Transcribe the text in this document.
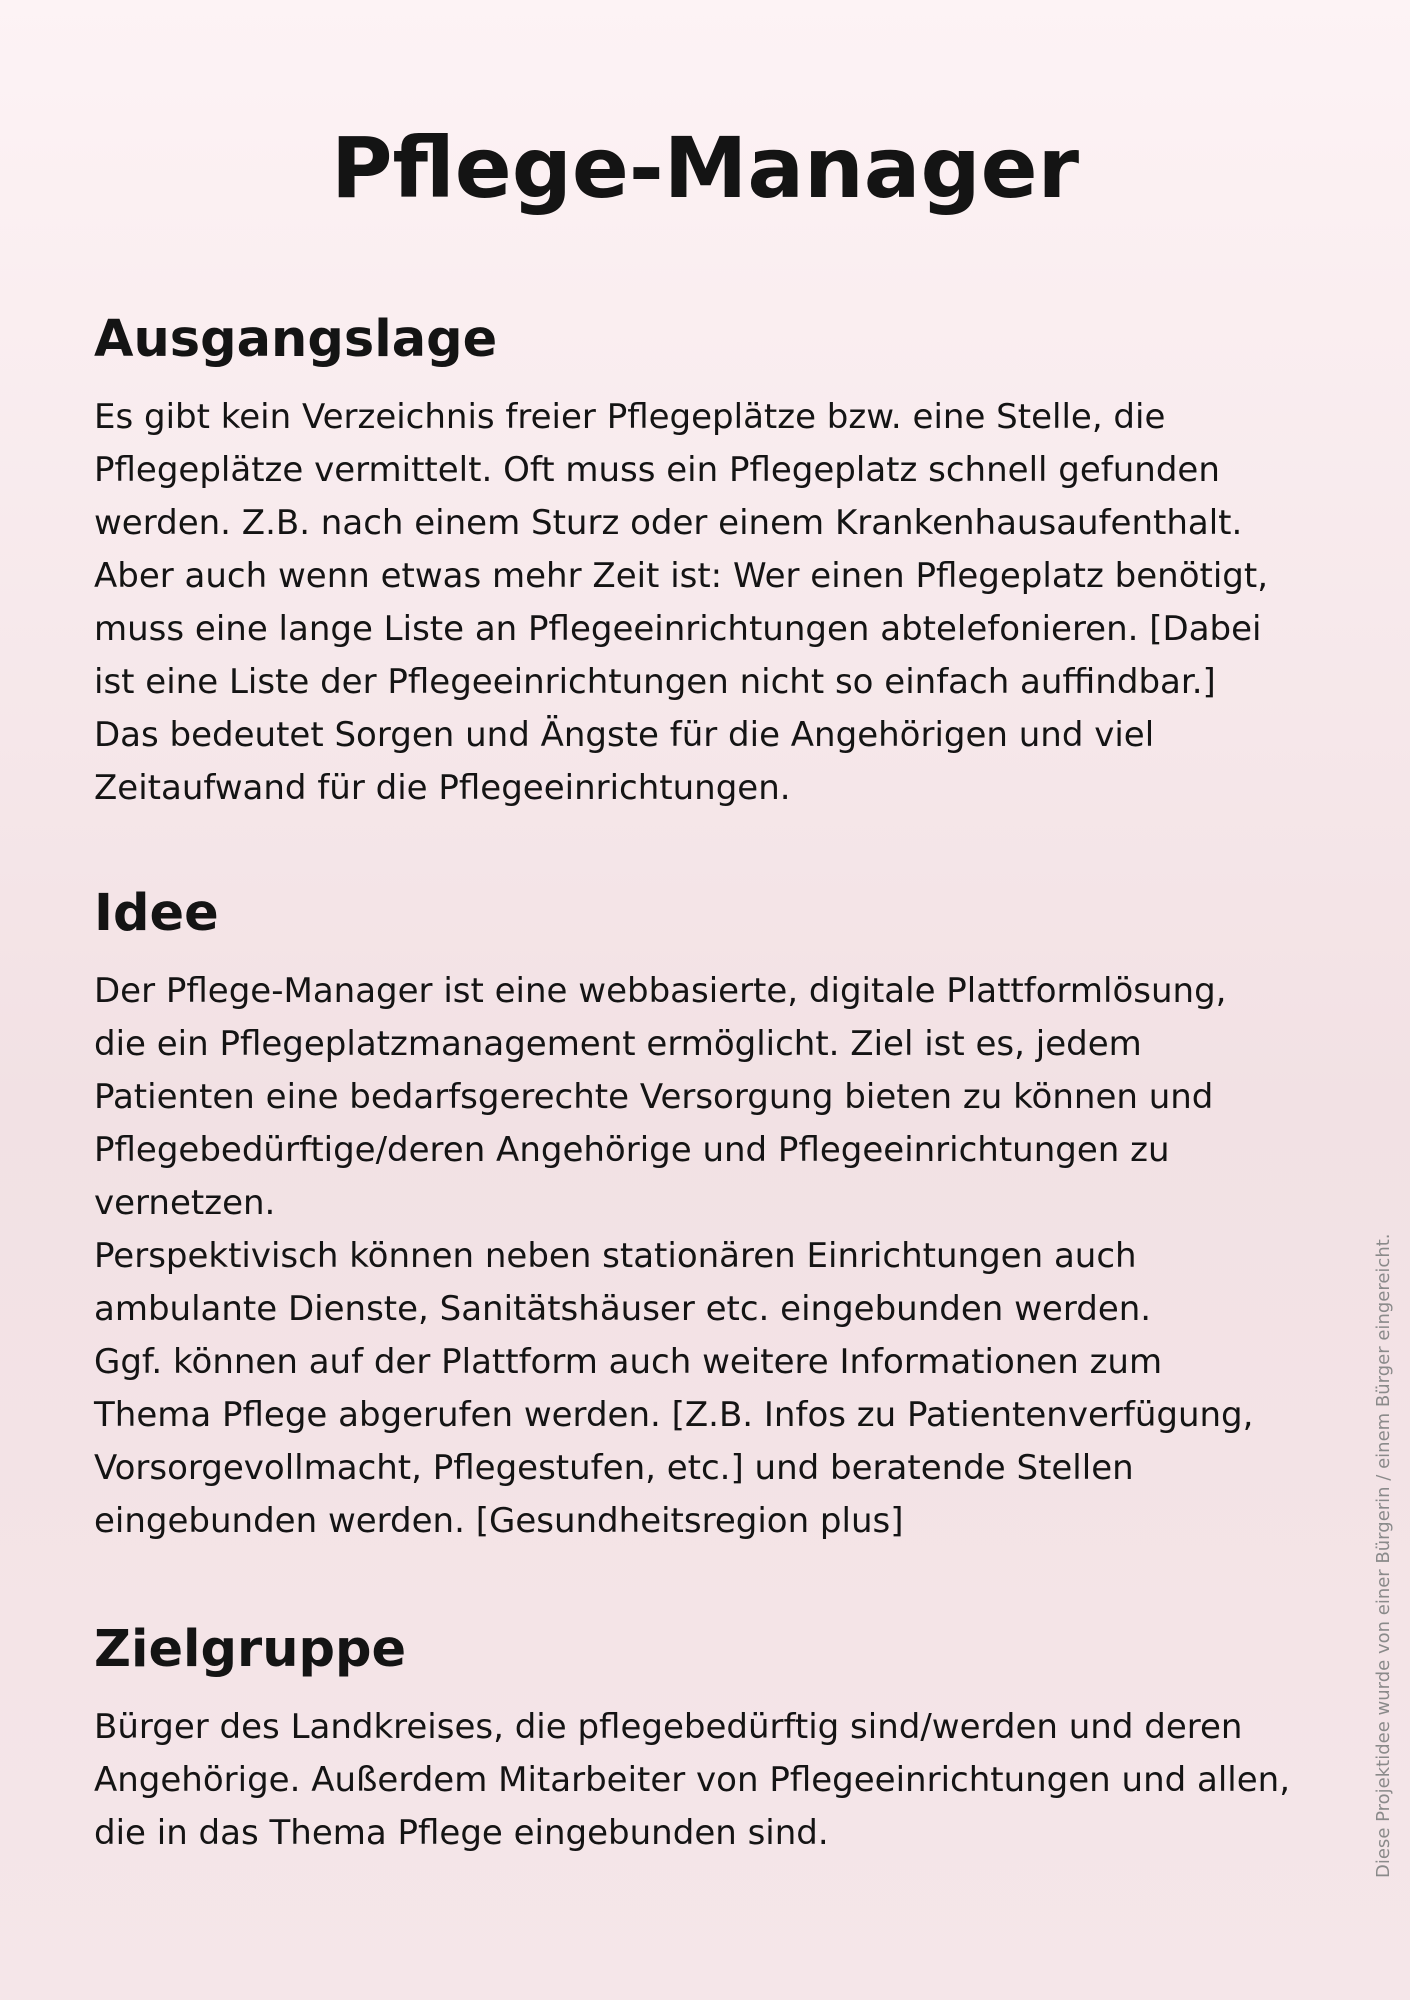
Pflege-Manager
Ausgangslage

Es gibt kein Verzeichnis freier Pflegeplätze bzw. eine Stelle, die
Pflegeplätze vermittelt. Oft muss ein Pflegeplatz schnell gefunden
werden. Z.B. nach einem Sturz oder einem Krankenhausaufenthalt.
Aber auch wenn etwas mehr Zeit ist: Wer einen Pflegeplatz benötigt,
muss eine lange Liste an Pflegeeinrichtungen abtelefonieren. [Dabei
ist eine Liste der Pflegeeinrichtungen nicht so einfach auffindbar.]
Das bedeutet Sorgen und Ängste für die Angehörigen und viel
Zeitaufwand für die Pflegeeinrichtungen.

Idee

Der Pflege-Manager ist eine webbasierte, digitale Plattformlösung,
die ein Pflegeplatzmanagement ermöglicht. Ziel ist es, jedem
Patienten eine bedarfsgerechte Versorgung bieten zu können und
Pflegebedürftige/deren Angehörige und Pflegeeinrichtungen zu
vernetzen.
Perspektivisch können neben stationären Einrichtungen auch
ambulante Dienste, Sanitätshäuser etc. eingebunden werden.
Ggf. können auf der Plattform auch weitere Informationen zum
Thema Pflege abgerufen werden. [Z.B. Infos zu Patientenverfügung,
Vorsorgevollmacht, Pflegestufen, etc.] und beratende Stellen
eingebunden werden. [Gesundheitsregion plus]

Zielgruppe

Bürger des Landkreises, die pflegebedürftig sind/werden und deren
Angehörige. Außerdem Mitarbeiter von Pflegeeinrichtungen und allen,
die in das Thema Pflege eingebunden sind.	Diese Projektidee wurde von einer Bürgerin / einem Bürger eingereicht.
